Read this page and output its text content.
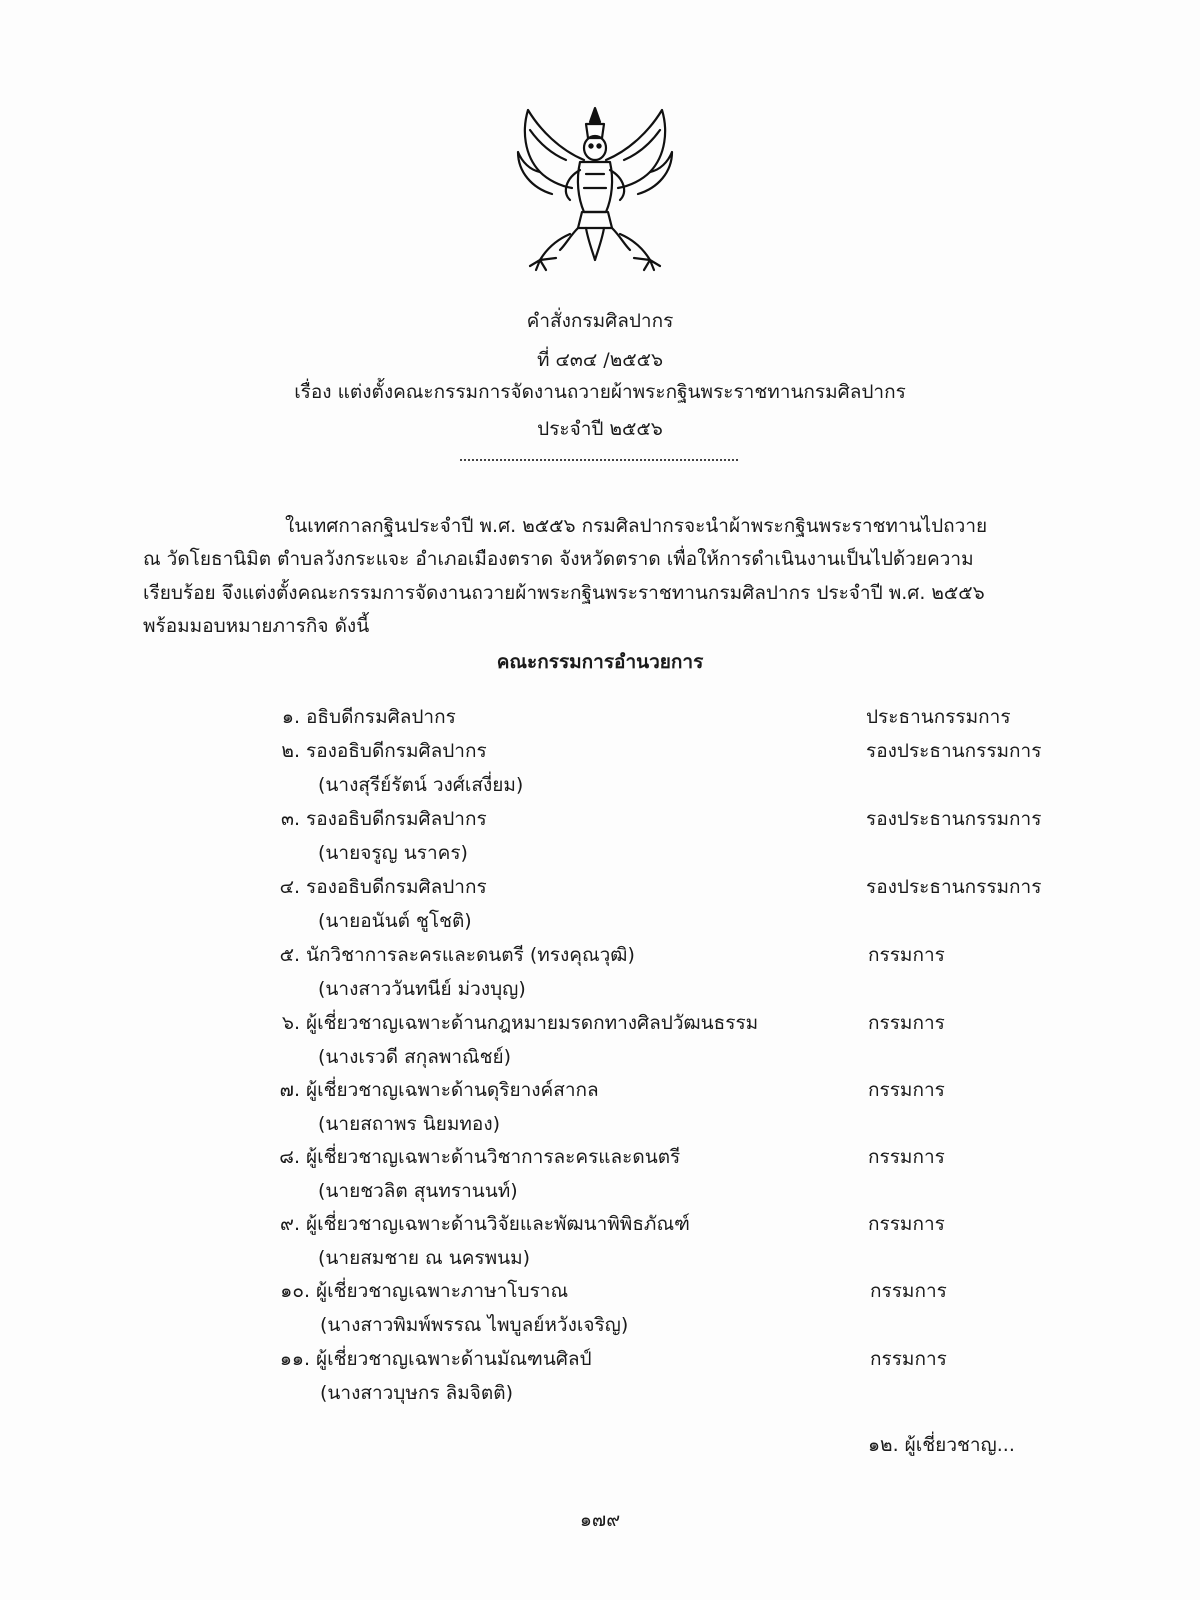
คำสั่งกรมศิลปากร
ที่ ๔๓๔ /๒๕๕๖
เรื่อง แต่งตั้งคณะกรรมการจัดงานถวายผ้าพระกฐินพระราชทานกรมศิลปากร
ประจำปี ๒๕๕๖
ในเทศกาลกฐินประจำปี พ.ศ. ๒๕๕๖ กรมศิลปากรจะนำผ้าพระกฐินพระราชทานไปถวาย
ณ วัดโยธานิมิต ตำบลวังกระแจะ อำเภอเมืองตราด จังหวัดตราด เพื่อให้การดำเนินงานเป็นไปด้วยความ
เรียบร้อย จึงแต่งตั้งคณะกรรมการจัดงานถวายผ้าพระกฐินพระราชทานกรมศิลปากร ประจำปี พ.ศ. ๒๕๕๖
พร้อมมอบหมายภารกิจ ดังนี้
คณะกรรมการอำนวยการ
๑. อธิบดีกรมศิลปากร	ประธานกรรมการ
๒. รองอธิบดีกรมศิลปากร	รองประธานกรรมการ
(นางสุรีย์รัตน์ วงศ์เสงี่ยม)
๓. รองอธิบดีกรมศิลปากร	รองประธานกรรมการ
(นายจรูญ นราคร)
๔. รองอธิบดีกรมศิลปากร	รองประธานกรรมการ
(นายอนันต์ ชูโชติ)
๕. นักวิชาการละครและดนตรี (ทรงคุณวุฒิ)	กรรมการ
(นางสาววันทนีย์ ม่วงบุญ)
๖. ผู้เชี่ยวชาญเฉพาะด้านกฎหมายมรดกทางศิลปวัฒนธรรม	กรรมการ
(นางเรวดี สกุลพาณิชย์)
๗. ผู้เชี่ยวชาญเฉพาะด้านดุริยางค์สากล	กรรมการ
(นายสถาพร นิยมทอง)
๘. ผู้เชี่ยวชาญเฉพาะด้านวิชาการละครและดนตรี	กรรมการ
(นายชวลิต สุนทรานนท์)
๙. ผู้เชี่ยวชาญเฉพาะด้านวิจัยและพัฒนาพิพิธภัณฑ์	กรรมการ
(นายสมชาย ณ นครพนม)
๑๐. ผู้เชี่ยวชาญเฉพาะภาษาโบราณ	กรรมการ
(นางสาวพิมพ์พรรณ ไพบูลย์หวังเจริญ)
๑๑. ผู้เชี่ยวชาญเฉพาะด้านมัณฑนศิลป์	กรรมการ
(นางสาวบุษกร ลิมจิตติ)
๑๒. ผู้เชี่ยวชาญ...
๑๗๙
